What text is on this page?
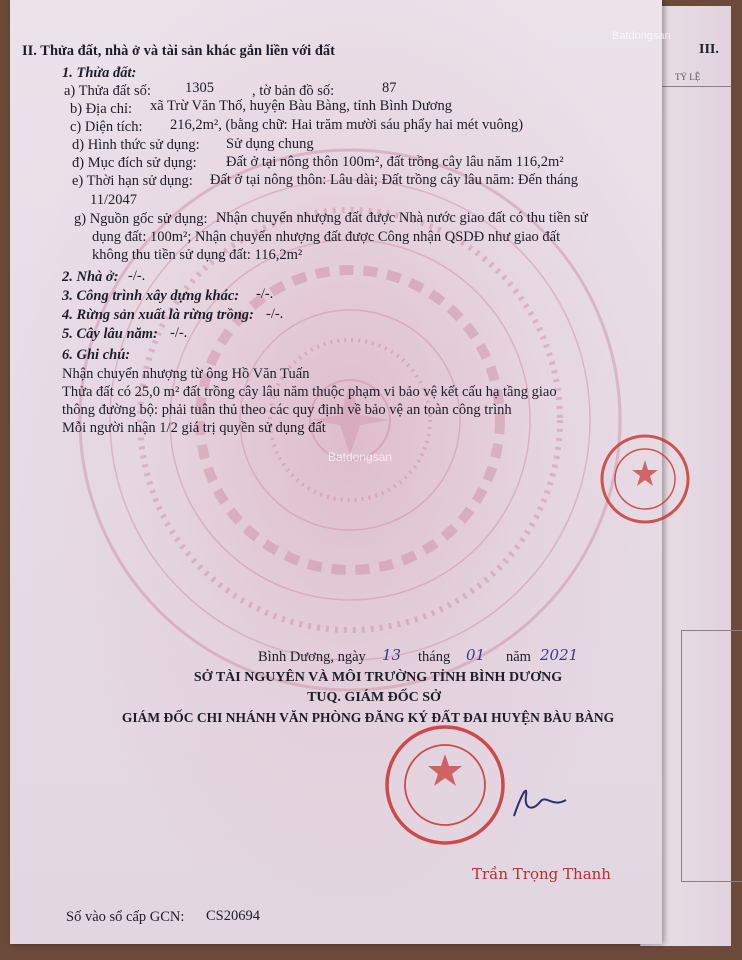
III.
TỶ LỆ
Batdongsan
Batdongsan
II. Thửa đất, nhà ở và tài sản khác gắn liền với đất
1. Thửa đất:
a) Thửa đất số: 1305	, tờ bản đồ số:	87
b) Địa chỉ: xã Trừ Văn Thố, huyện Bàu Bàng, tỉnh Bình Dương
c) Diện tích: 216,2m², (bằng chữ: Hai trăm mười sáu phẩy hai mét vuông)
d) Hình thức sử dụng: Sử dụng chung
đ) Mục đích sử dụng: Đất ở tại nông thôn 100m², đất trồng cây lâu năm 116,2m²
e) Thời hạn sử dụng: Đất ở tại nông thôn: Lâu dài; Đất trồng cây lâu năm: Đến tháng
11/2047
g) Nguồn gốc sử dụng: Nhận chuyển nhượng đất được Nhà nước giao đất có thu tiền sử
dụng đất: 100m²; Nhận chuyển nhượng đất được Công nhận QSDĐ như giao đất
không thu tiền sử dụng đất: 116,2m²
2. Nhà ở: -/-.
3. Công trình xây dựng khác: -/-.
4. Rừng sản xuất là rừng trồng: -/-.
5. Cây lâu năm: -/-.
6. Ghi chú:
Nhận chuyển nhượng từ ông Hồ Văn Tuấn
Thửa đất có 25,0 m² đất trồng cây lâu năm thuộc phạm vi bảo vệ kết cấu hạ tầng giao
thông đường bộ: phải tuân thủ theo các quy định về bảo vệ an toàn công trình
Mỗi người nhận 1/2 giá trị quyền sử dụng đất
Bình Dương, ngày 13 tháng 01 năm 2021
SỞ TÀI NGUYÊN VÀ MÔI TRƯỜNG TỈNH BÌNH DƯƠNG
TUQ. GIÁM ĐỐC SỞ
GIÁM ĐỐC CHI NHÁNH VĂN PHÒNG ĐĂNG KÝ ĐẤT ĐAI HUYỆN BÀU BÀNG
Trần Trọng Thanh
Số vào sổ cấp GCN: CS20694
